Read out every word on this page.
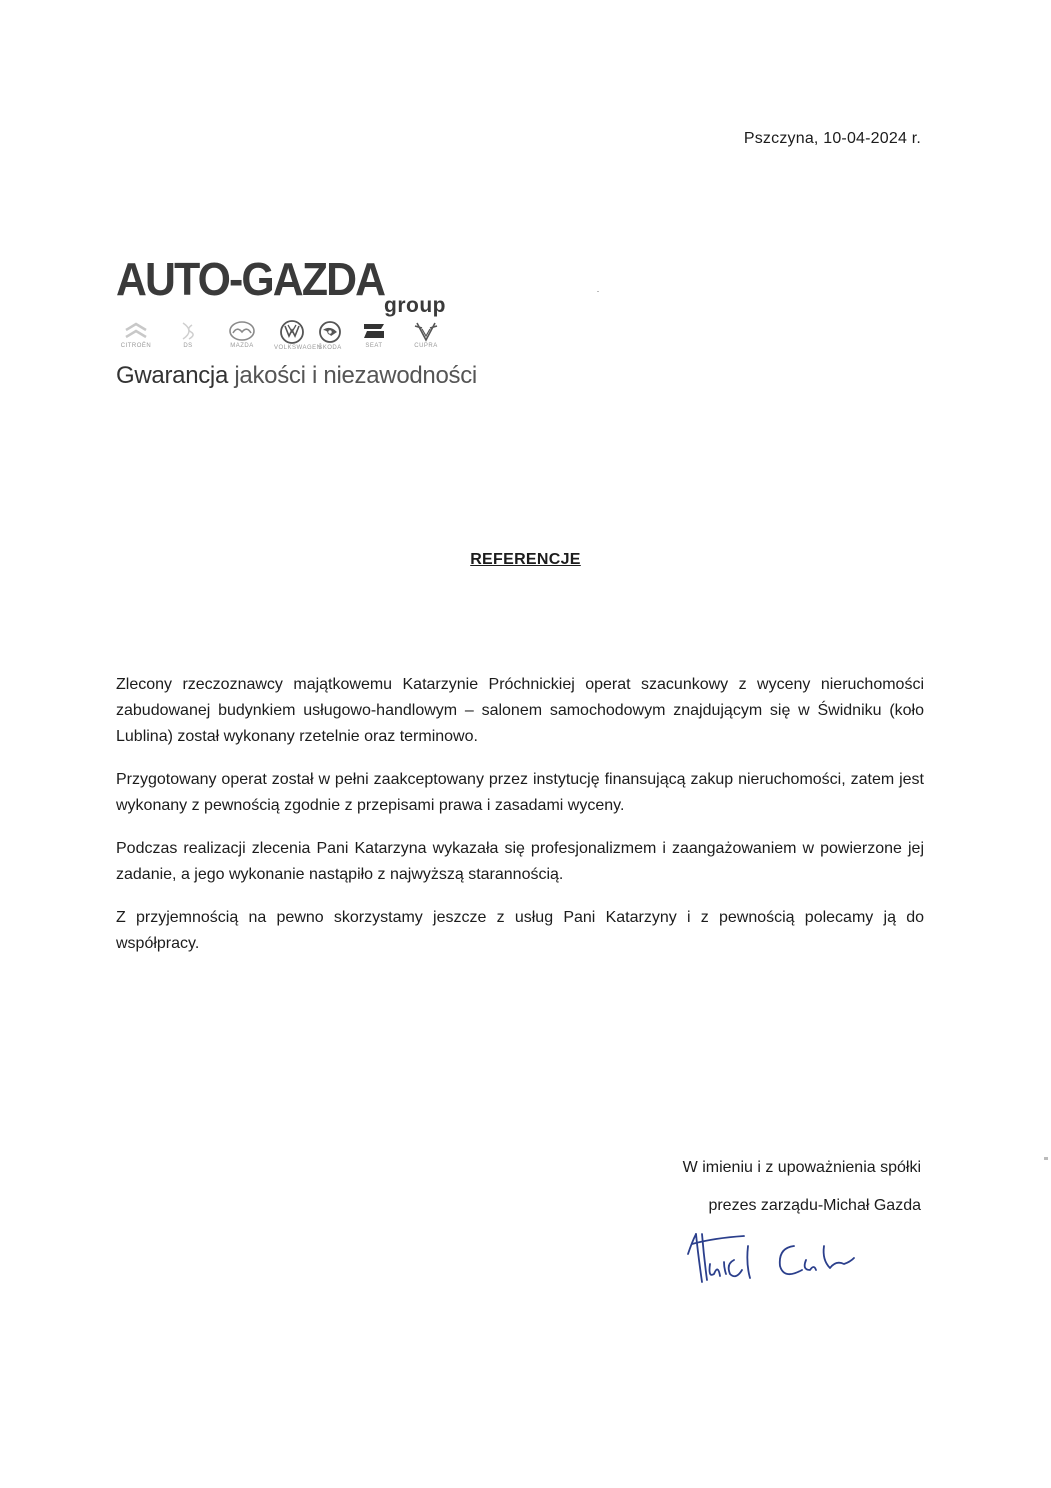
Pszczyna, 10-04-2024 r.
AUTO-GAZDA
group
CITROËN	DS	MAZDA	VOLKSWAGEN
ŠKODA	SEAT	CUPRA
Gwarancja jakości i niezawodności
REFERENCJE

Zlecony rzeczoznawcy majątkowemu Katarzynie Próchnickiej operat szacunkowy z wyceny nieruchomości zabudowanej budynkiem usługowo-handlowym – salonem samochodowym znajdującym się w Świdniku (koło Lublina) został wykonany rzetelnie oraz terminowo.

Przygotowany operat został w pełni zaakceptowany przez instytucję finansującą zakup nieruchomości, zatem jest wykonany z pewnością zgodnie z przepisami prawa i zasadami wyceny.

Podczas realizacji zlecenia Pani Katarzyna wykazała się profesjonalizmem i zaangażowaniem w powierzone jej zadanie, a jego wykonanie nastąpiło z najwyższą starannością.

Z przyjemnością na pewno skorzystamy jeszcze z usług Pani Katarzyny i z pewnością polecamy ją do współpracy.

W imieniu i z upoważnienia spółki
prezes zarządu-Michał Gazda
